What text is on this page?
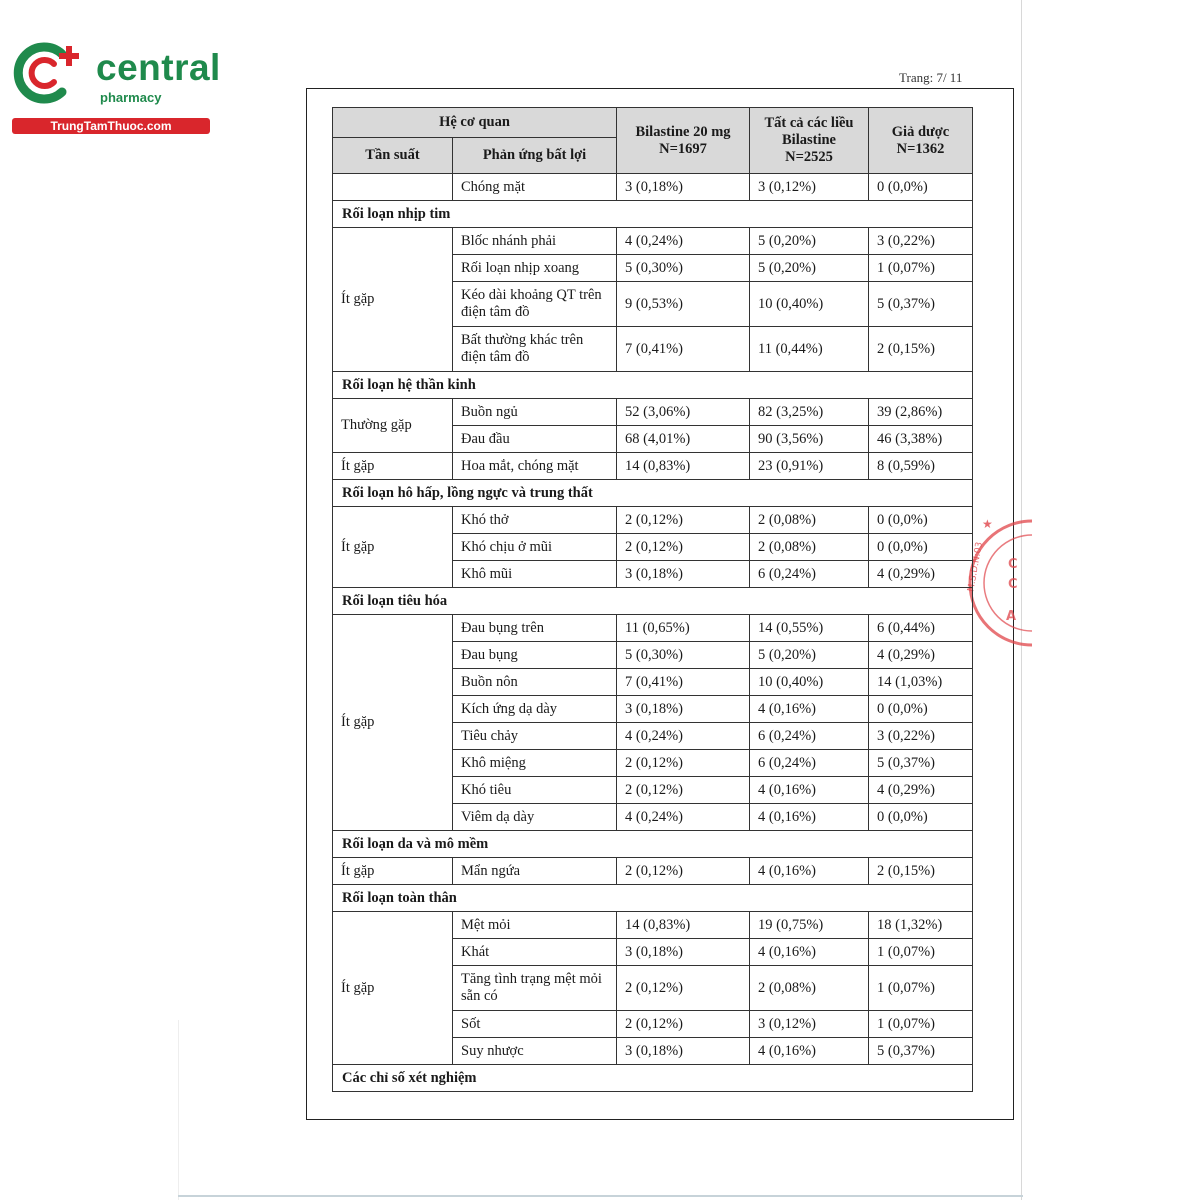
central
pharmacy
TrungTamThuoc.com
Trang: 7/ 11
M.S.D.N:03 C
C
A
★
Hệ cơ quan		Bilastine 20 mg N=1697	Tất cả các liều Bilastine N=2525	Giả dược N=1362
Tần suất	Phản ứng bất lợi			
	Chóng mặt	3 (0,18%)	3 (0,12%)	0 (0,0%)
Rối loạn nhịp tim				
Ít gặp	Blốc nhánh phải	4 (0,24%)	5 (0,20%)	3 (0,22%)
	Rối loạn nhịp xoang	5 (0,30%)	5 (0,20%)	1 (0,07%)
	Kéo dài khoảng QT trên điện tâm đồ	9 (0,53%)	10 (0,40%)	5 (0,37%)
	Bất thường khác trên điện tâm đồ	7 (0,41%)	11 (0,44%)	2 (0,15%)
Rối loạn hệ thần kinh				
Thường gặp	Buồn ngủ	52 (3,06%)	82 (3,25%)	39 (2,86%)
	Đau đầu	68 (4,01%)	90 (3,56%)	46 (3,38%)
Ít gặp	Hoa mắt, chóng mặt	14 (0,83%)	23 (0,91%)	8 (0,59%)
Rối loạn hô hấp, lồng ngực và trung thất				
Ít gặp	Khó thở	2 (0,12%)	2 (0,08%)	0 (0,0%)
	Khó chịu ở mũi	2 (0,12%)	2 (0,08%)	0 (0,0%)
	Khô mũi	3 (0,18%)	6 (0,24%)	4 (0,29%)
Rối loạn tiêu hóa				
Ít gặp	Đau bụng trên	11 (0,65%)	14 (0,55%)	6 (0,44%)
	Đau bụng	5 (0,30%)	5 (0,20%)	4 (0,29%)
	Buồn nôn	7 (0,41%)	10 (0,40%)	14 (1,03%)
	Kích ứng dạ dày	3 (0,18%)	4 (0,16%)	0 (0,0%)
	Tiêu chảy	4 (0,24%)	6 (0,24%)	3 (0,22%)
	Khô miệng	2 (0,12%)	6 (0,24%)	5 (0,37%)
	Khó tiêu	2 (0,12%)	4 (0,16%)	4 (0,29%)
	Viêm dạ dày	4 (0,24%)	4 (0,16%)	0 (0,0%)
Rối loạn da và mô mềm				
Ít gặp	Mẩn ngứa	2 (0,12%)	4 (0,16%)	2 (0,15%)
Rối loạn toàn thân				
Ít gặp	Mệt mỏi	14 (0,83%)	19 (0,75%)	18 (1,32%)
	Khát	3 (0,18%)	4 (0,16%)	1 (0,07%)
	Tăng tình trạng mệt mỏi sẵn có	2 (0,12%)	2 (0,08%)	1 (0,07%)
	Sốt	2 (0,12%)	3 (0,12%)	1 (0,07%)
	Suy nhược	3 (0,18%)	4 (0,16%)	5 (0,37%)
Các chỉ số xét nghiệm				
